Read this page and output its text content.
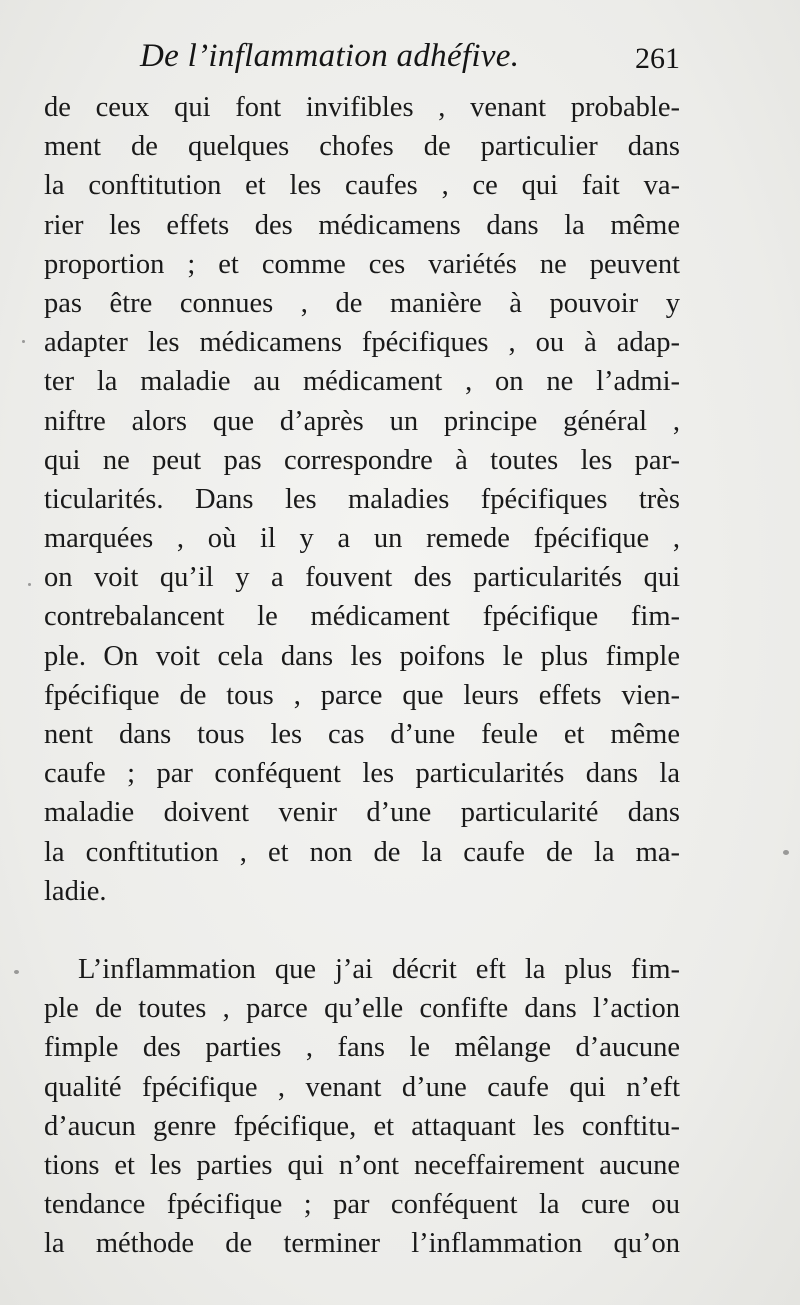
De l’inflammation adhéfive.	261
de ceux qui font invifibles , venant probable-
ment de quelques chofes de particulier dans
la conftitution et les caufes , ce qui fait va-
rier les effets des médicamens dans la même
proportion ; et comme ces variétés ne peuvent
pas être connues , de manière à pouvoir y
adapter les médicamens fpécifiques , ou à adap-
ter la maladie au médicament , on ne l’admi-
niftre alors que d’après un principe général ,
qui ne peut pas correspondre à toutes les par-
ticularités. Dans les maladies fpécifiques très
marquées , où il y a un remede fpécifique ,
on voit qu’il y a fouvent des particularités qui
contrebalancent le médicament fpécifique fim-
ple. On voit cela dans les poifons le plus fimple
fpécifique de tous , parce que leurs effets vien-
nent dans tous les cas d’une feule et même
caufe ; par conféquent les particularités dans la
maladie doivent venir d’une particularité dans
la conftitution , et non de la caufe de la ma-
ladie.
L’inflammation que j’ai décrit eft la plus fim-
ple de toutes , parce qu’elle confifte dans l’action
fimple des parties , fans le mêlange d’aucune
qualité fpécifique , venant d’une caufe qui n’eft
d’aucun genre fpécifique, et attaquant les conftitu-
tions et les parties qui n’ont neceffairement aucune
tendance fpécifique ; par conféquent la cure ou
la méthode de terminer l’inflammation qu’on
